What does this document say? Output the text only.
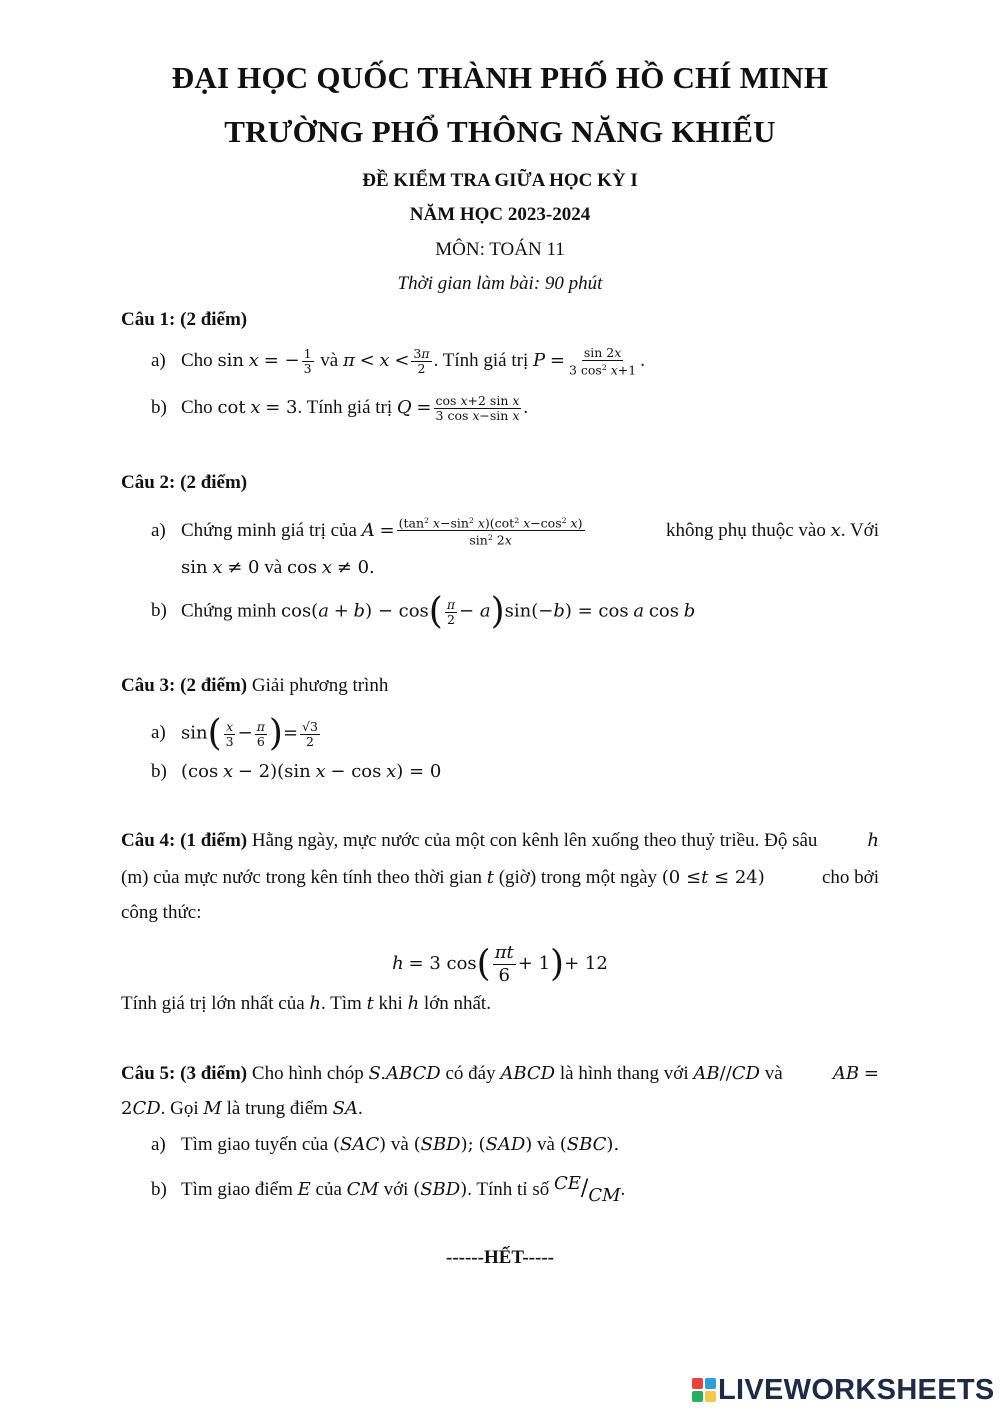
ĐẠI HỌC QUỐC THÀNH PHỐ HỒ CHÍ MINH
TRƯỜNG PHỔ THÔNG NĂNG KHIẾU
ĐỀ KIỂM TRA GIỮA HỌC KỲ I
NĂM HỌC 2023-2024
MÔN: TOÁN 11
Thời gian làm bài: 90 phút
Câu 1: (2 điểm)
a) Cho sin x = − $\frac{1}{3}$ và $\pi < x < \frac{3\pi}{2}$ . Tính giá trị $P = \frac{\sin 2x}{3 \cos^2 x+1}$ .
b) Cho cot x = 3. Tính giá trị $Q = \frac{\text{cos x+2 sin x}}{\text{3 cos x−sin x}}$ .
Câu 2: (2 điểm)
a) Chứng minh giá trị của
A
= $\frac{(\tan^2 x-\sin^2 x)(\cot^2 x-\cos^2 x)}{\sin^2 2x}$	không phụ thuộc vào
x . Với
sin x ≠ 0 và cos x ≠ 0.
b) Chứng minh $\cos(a + b) - \cos( \frac{\pi}{2} - a)\sin(-b) = \cos a$ cos b
Câu 3: (2 điểm) Giải phương trình
a) $\sin( \frac{x}{3} - \frac{\pi}{6}$ )= $\frac{√3}{2}$
b) (cos x − 2)(sin x − cos x) = 0
Câu 4: (1 điểm)
Hằng ngày, mực nước của một con kênh lên xuống theo thuỷ triều. Độ sâu	h
(m) của mực nước trong kên tính theo thời gian
t
(giờ) trong một ngày
(0 ≤ t ≤ 24)	cho bởi
công thức:
h = 3 $\cos( \frac{\pi t}{6} + 1)+ 12$
Tính giá trị lớn nhất của h. Tìm t khi h lớn nhất.
Câu 5: (3 điểm)
Cho hình chóp
S.ABCD
có đáy
ABCD
là hình thang với
AB // CD
và	AB
=
2CD. Gọi M là trung điểm SA.
a) Tìm giao tuyến của (SAC) và (SBD); (SAD) và (SBC).
b) Tìm giao điểm E của CM với (SBD). Tính tỉ số CE/CM.
------HẾT-----
LIVEWORKSHEETS
